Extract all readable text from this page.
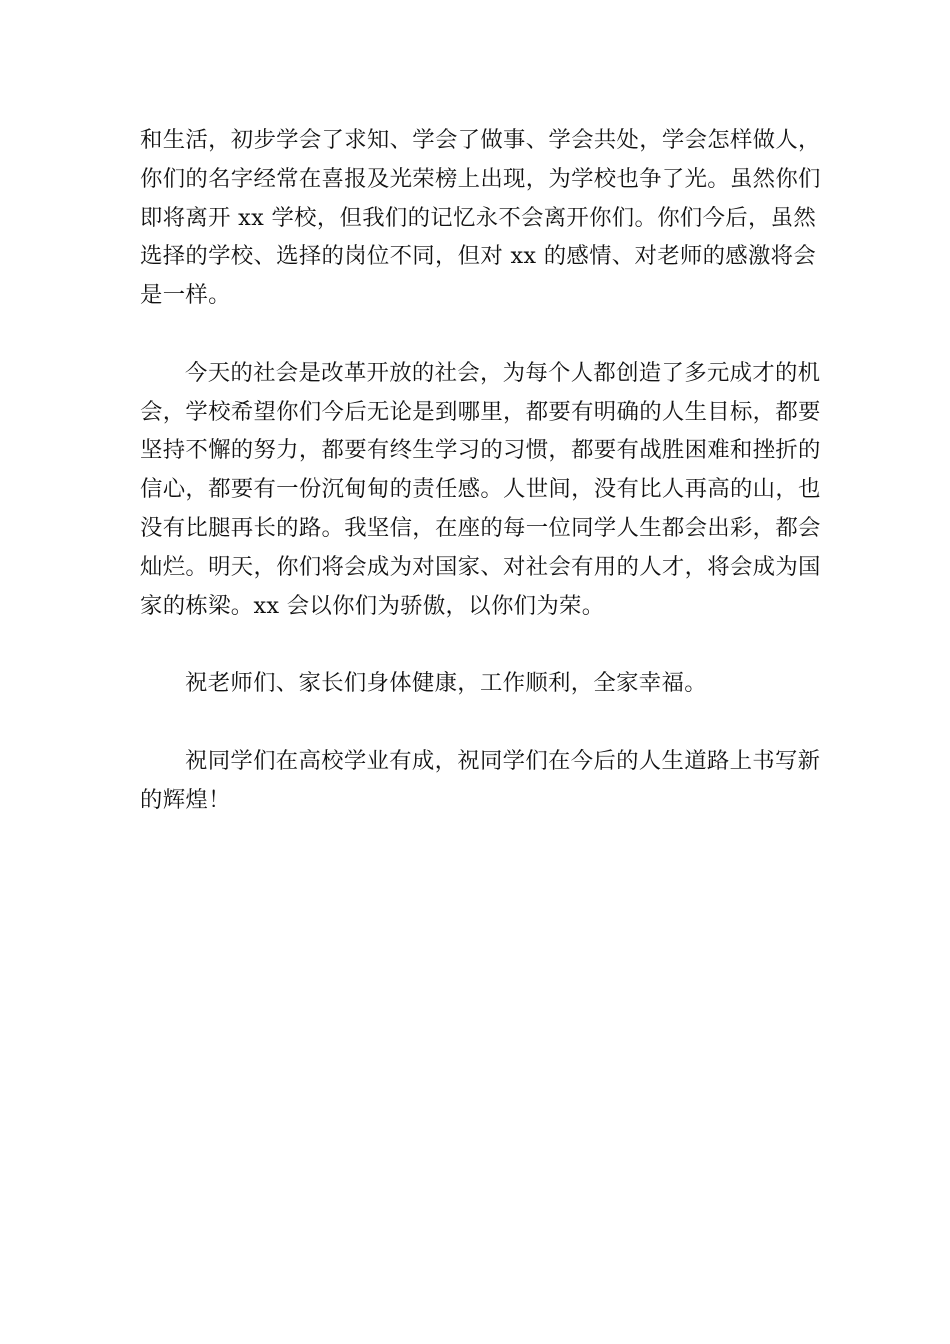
和生活，初步学会了求知、学会了做事、学会共处，学会怎样做人，
你们的名字经常在喜报及光荣榜上出现，为学校也争了光。虽然你们
即将离开 xx 学校，但我们的记忆永不会离开你们。你们今后，虽然
选择的学校、选择的岗位不同，但对 xx 的感情、对老师的感激将会
是一样。

今天的社会是改革开放的社会，为每个人都创造了多元成才的机
会，学校希望你们今后无论是到哪里，都要有明确的人生目标，都要
坚持不懈的努力，都要有终生学习的习惯，都要有战胜困难和挫折的
信心，都要有一份沉甸甸的责任感。人世间，没有比人再高的山，也
没有比腿再长的路。我坚信，在座的每一位同学人生都会出彩，都会
灿烂。明天，你们将会成为对国家、对社会有用的人才，将会成为国
家的栋梁。xx 会以你们为骄傲，以你们为荣。

祝老师们、家长们身体健康，工作顺利，全家幸福。

祝同学们在高校学业有成，祝同学们在今后的人生道路上书写新
的辉煌！
